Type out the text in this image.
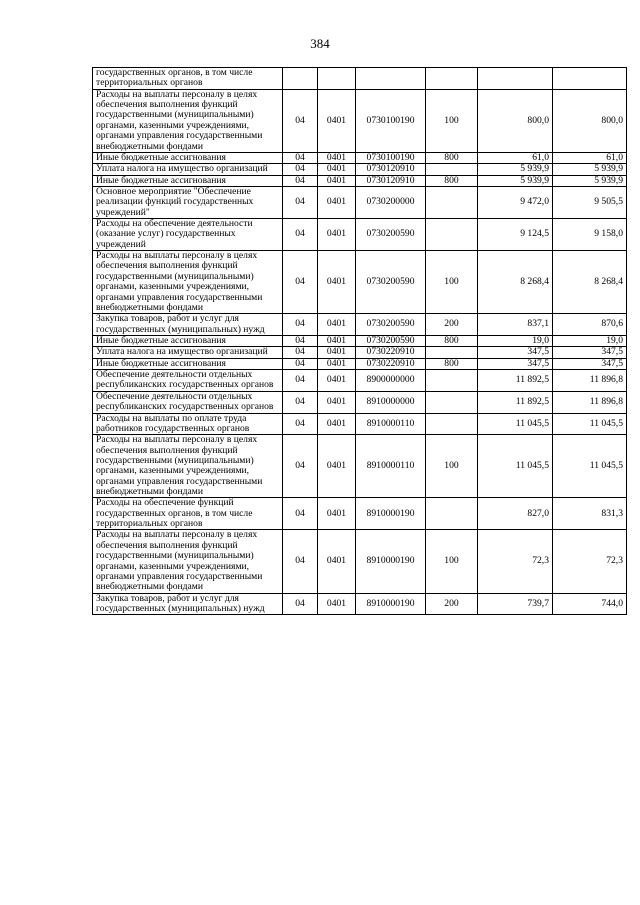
384
государственных органов, в том числе территориальных органов						
Расходы на выплаты персоналу в целях обеспечения выполнения функций государственными (муниципальными) органами, казенными учреждениями, органами управления государственными внебюджетными фондами	04	0401	0730100190	100	800,0	800,0
Иные бюджетные ассигнования	04	0401	0730100190	800	61,0	61,0
Уплата налога на имущество организаций	04	0401	0730120910		5 939,9	5 939,9
Иные бюджетные ассигнования	04	0401	0730120910	800	5 939,9	5 939,9
Основное мероприятие "Обеспечение реализации функций государственных учреждений"	04	0401	0730200000		9 472,0	9 505,5
Расходы на обеспечение деятельности (оказание услуг) государственных учреждений	04	0401	0730200590		9 124,5	9 158,0
Расходы на выплаты персоналу в целях обеспечения выполнения функций государственными (муниципальными) органами, казенными учреждениями, органами управления государственными внебюджетными фондами	04	0401	0730200590	100	8 268,4	8 268,4
Закупка товаров, работ и услуг для государственных (муниципальных) нужд	04	0401	0730200590	200	837,1	870,6
Иные бюджетные ассигнования	04	0401	0730200590	800	19,0	19,0
Уплата налога на имущество организаций	04	0401	0730220910		347,5	347,5
Иные бюджетные ассигнования	04	0401	0730220910	800	347,5	347,5
Обеспечение деятельности отдельных республиканских государственных органов	04	0401	8900000000		11 892,5	11 896,8
Обеспечение деятельности отдельных республиканских государственных органов	04	0401	8910000000		11 892,5	11 896,8
Расходы на выплаты по оплате труда работников государственных органов	04	0401	8910000110		11 045,5	11 045,5
Расходы на выплаты персоналу в целях обеспечения выполнения функций государственными (муниципальными) органами, казенными учреждениями, органами управления государственными внебюджетными фондами	04	0401	8910000110	100	11 045,5	11 045,5
Расходы на обеспечение функций государственных органов, в том числе территориальных органов	04	0401	8910000190		827,0	831,3
Расходы на выплаты персоналу в целях обеспечения выполнения функций государственными (муниципальными) органами, казенными учреждениями, органами управления государственными внебюджетными фондами	04	0401	8910000190	100	72,3	72,3
Закупка товаров, работ и услуг для государственных (муниципальных) нужд	04	0401	8910000190	200	739,7	744,0
